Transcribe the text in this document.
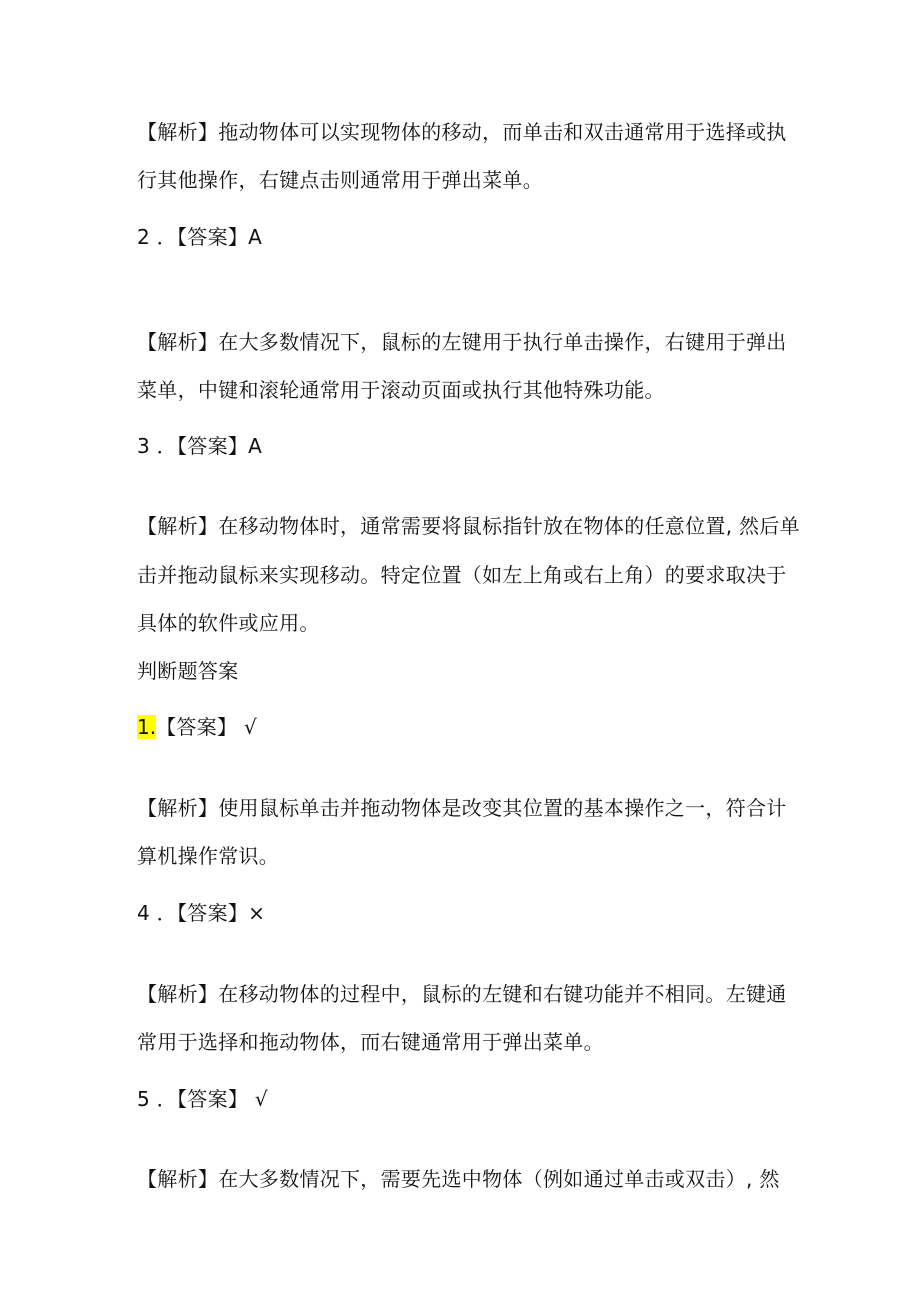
【解析】拖动物体可以实现物体的移动，而单击和双击通常用于选择或执
行其他操作，右键点击则通常用于弹出菜单。
2 ．【答案】A
【解析】在大多数情况下，鼠标的左键用于执行单击操作，右键用于弹出
菜单，中键和滚轮通常用于滚动页面或执行其他特殊功能。
3 ．【答案】A
【解析】在移动物体时，通常需要将鼠标指针放在物体的任意位置, 然后单
击并拖动鼠标来实现移动。特定位置（如左上角或右上角）的要求取决于
具体的软件或应用。
判断题答案
1.【答案】 √
【解析】使用鼠标单击并拖动物体是改变其位置的基本操作之一，符合计
算机操作常识。
4 ．【答案】×
【解析】在移动物体的过程中，鼠标的左键和右键功能并不相同。左键通
常用于选择和拖动物体，而右键通常用于弹出菜单。
5 ．【答案】 √
【解析】在大多数情况下，需要先选中物体（例如通过单击或双击）, 然
